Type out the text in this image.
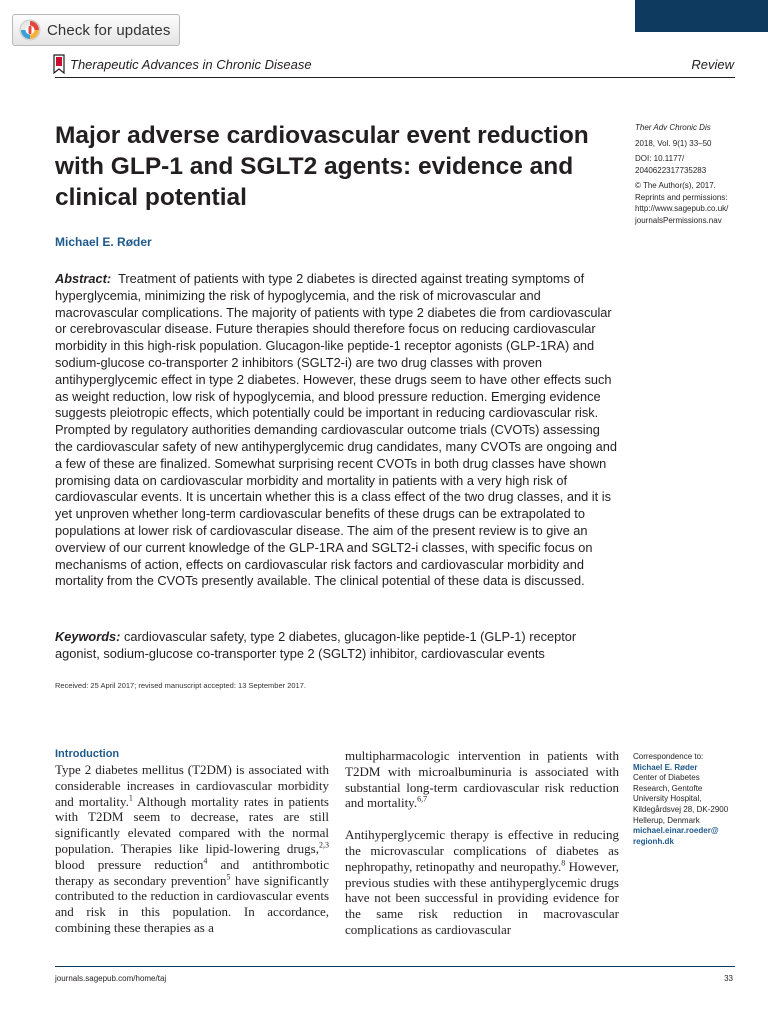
Check for updates
Therapeutic Advances in Chronic Disease	Review
Major adverse cardiovascular event reduction with GLP-1 and SGLT2 agents: evidence and clinical potential
Michael E. Røder

Ther Adv Chronic Dis

2018, Vol. 9(1) 33–50

DOI: 10.1177/

2040622317735283

© The Author(s), 2017.

Reprints and permissions:

http://www.sagepub.co.uk/

journalsPermissions.nav

Abstract: Treatment of patients with type 2 diabetes is directed against treating symptoms of hyperglycemia, minimizing the risk of hypoglycemia, and the risk of microvascular and macrovascular complications. The majority of patients with type 2 diabetes die from cardiovascular or cerebrovascular disease. Future therapies should therefore focus on reducing cardiovascular morbidity in this high-risk population. Glucagon-like peptide-1 receptor agonists (GLP-1RA) and sodium-glucose co-transporter 2 inhibitors (SGLT2-i) are two drug classes with proven antihyperglycemic effect in type 2 diabetes. However, these drugs seem to have other effects such as weight reduction, low risk of hypoglycemia, and blood pressure reduction. Emerging evidence suggests pleiotropic effects, which potentially could be important in reducing cardiovascular risk. Prompted by regulatory authorities demanding cardiovascular outcome trials (CVOTs) assessing the cardiovascular safety of new antihyperglycemic drug candidates, many CVOTs are ongoing and a few of these are finalized. Somewhat surprising recent CVOTs in both drug classes have shown promising data on cardiovascular morbidity and mortality in patients with a very high risk of cardiovascular events. It is uncertain whether this is a class effect of the two drug classes, and it is yet unproven whether long-term cardiovascular benefits of these drugs can be extrapolated to populations at lower risk of cardiovascular disease. The aim of the present review is to give an overview of our current knowledge of the GLP-1RA and SGLT2-i classes, with specific focus on mechanisms of action, effects on cardiovascular risk factors and cardiovascular morbidity and mortality from the CVOTs presently available. The clinical potential of these data is discussed.

Keywords: cardiovascular safety, type 2 diabetes, glucagon-like peptide-1 (GLP-1) receptor agonist, sodium-glucose co-transporter type 2 (SGLT2) inhibitor, cardiovascular events

Received: 25 April 2017; revised manuscript accepted: 13 September 2017.
Introduction

Type 2 diabetes mellitus (T2DM) is associated with considerable increases in cardiovascular morbidity and mortality.$^1$ Although mortality rates in patients with T2DM seem to decrease, rates are still significantly elevated compared with the normal population. Therapies like lipid-lowering drugs,$^{2,3}$ blood pressure reduction$^4$ and antithrombotic therapy as secondary prevention$^5$ have significantly contributed to the reduction in cardiovascular events and risk in this population. In accordance, combining these therapies as a

multipharmacologic intervention in patients with T2DM with microalbuminuria is associated with substantial long-term cardiovascular risk reduction and mortality.$^{6,7}$

Antihyperglycemic therapy is effective in reducing the microvascular complications of diabetes as nephropathy, retinopathy and neuropathy.$^8$ However, previous studies with these antihyperglycemic drugs have not been successful in providing evidence for the same risk reduction in macrovascular complications as cardiovascular

Correspondence to:

Michael E. Røder

Center of Diabetes

Research, Gentofte

University Hospital,

Kildegårdsvej 28, DK-2900

Hellerup, Denmark

michael.einar.roeder@

regionh.dk

journals.sagepub.com/home/taj	33
